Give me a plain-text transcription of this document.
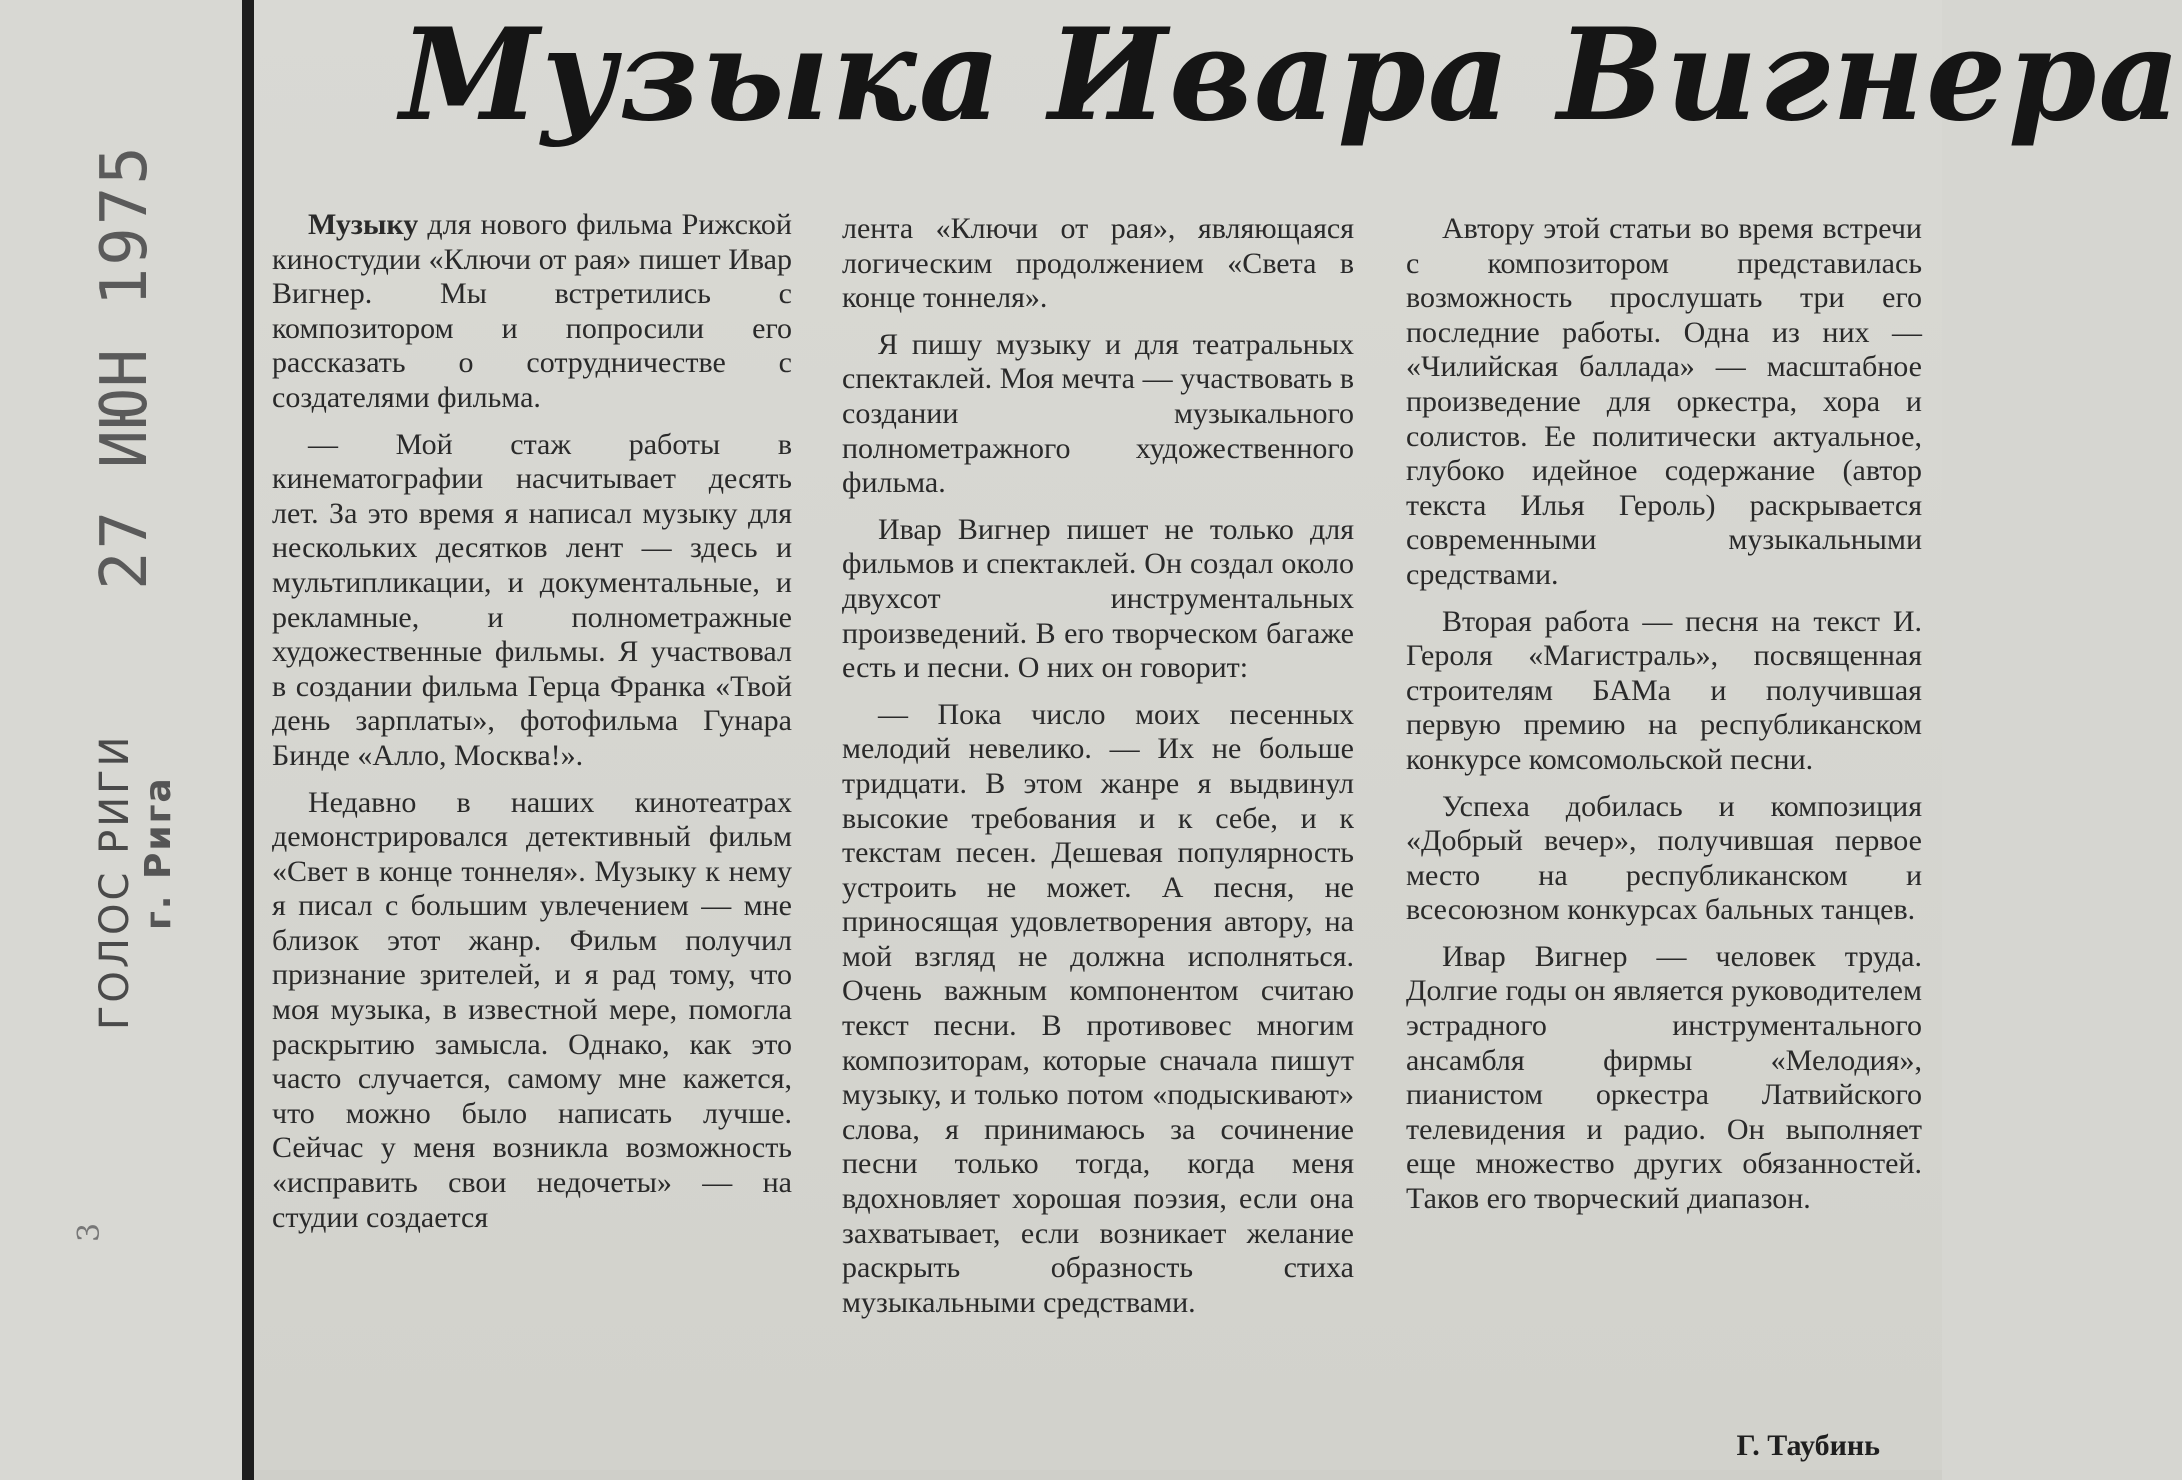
ГОЛОС РИГИ г. Рига
27 ИЮН 1975
3
Музыка Ивара Вигнера

Музыку для нового фильма Рижской киностудии «Ключи от рая» пишет Ивар Вигнер. Мы встретились с композитором и попросили его рассказать о сотрудничестве с создателями фильма.

— Мой стаж работы в кинематографии насчитывает десять лет. За это время я написал музыку для нескольких десятков лент — здесь и мультипликации, и документальные, и рекламные, и полнометражные художественные фильмы. Я участвовал в создании фильма Герца Франка «Твой день зарплаты», фотофильма Гунара Бинде «Алло, Москва!».

Недавно в наших кинотеатрах демонстрировался детективный фильм «Свет в конце тоннеля». Музыку к нему я писал с большим увлечением — мне близок этот жанр. Фильм получил признание зрителей, и я рад тому, что моя музыка, в известной мере, помогла раскрытию замысла. Однако, как это часто случается, самому мне кажется, что можно было написать лучше. Сейчас у меня возникла возможность «исправить свои недочеты» — на студии создается

лента «Ключи от рая», являющаяся логическим продолжением «Света в конце тоннеля».

Я пишу музыку и для театральных спектаклей. Моя мечта — участвовать в создании музыкального полнометражного художественного фильма.

Ивар Вигнер пишет не только для фильмов и спектаклей. Он создал около двухсот инструментальных произведений. В его творческом багаже есть и песни. О них он говорит:

— Пока число моих песенных мелодий невелико. — Их не больше тридцати. В этом жанре я выдвинул высокие требования и к себе, и к текстам песен. Дешевая популярность устроить не может. А песня, не приносящая удовлетворения автору, на мой взгляд не должна исполняться. Очень важным компонентом считаю текст песни. В противовес многим композиторам, которые сначала пишут музыку, и только потом «подыскивают» слова, я принимаюсь за сочинение песни только тогда, когда меня вдохновляет хорошая поэзия, если она захватывает, если возникает желание раскрыть образность стиха музыкальными средствами.

Автору этой статьи во время встречи с композитором представилась возможность прослушать три его последние работы. Одна из них — «Чилийская баллада» — масштабное произведение для оркестра, хора и солистов. Ее политически актуальное, глубоко идейное содержание (автор текста Илья Героль) раскрывается современными музыкальными средствами.

Вторая работа — песня на текст И. Героля «Магистраль», посвященная строителям БАМа и получившая первую премию на республиканском конкурсе комсомольской песни.

Успеха добилась и композиция «Добрый вечер», получившая первое место на республиканском и всесоюзном конкурсах бальных танцев.

Ивар Вигнер — человек труда. Долгие годы он является руководителем эстрадного инструментального ансамбля фирмы «Мелодия», пианистом оркестра Латвийского телевидения и радио. Он выполняет еще множество других обязанностей. Таков его творческий диапазон.

Г. Таубинь
